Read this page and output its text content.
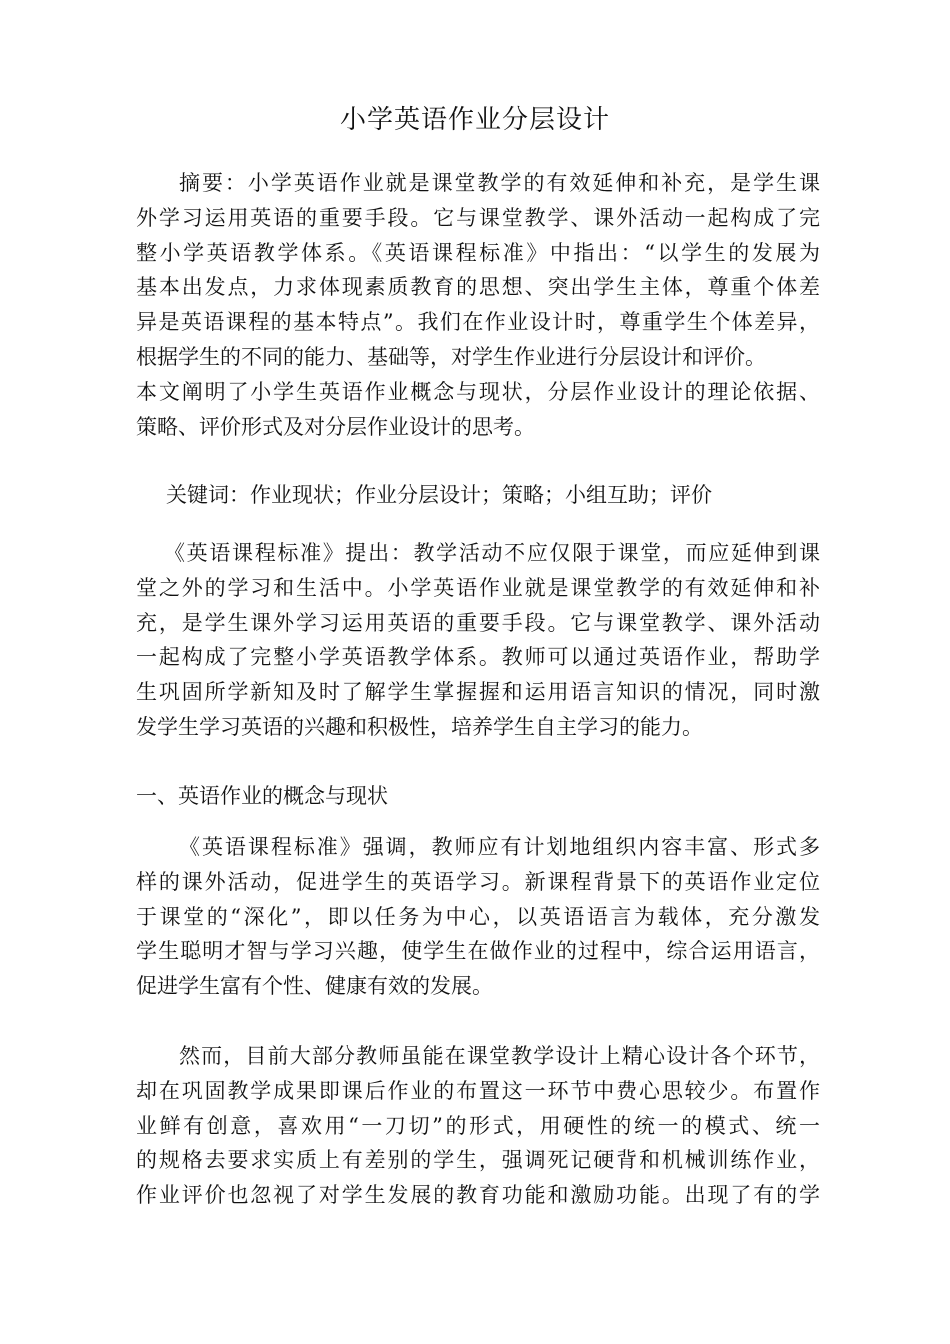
小学英语作业分层设计
摘要：小学英语作业就是课堂教学的有效延伸和补充，是学生课
外学习运用英语的重要手段。它与课堂教学、课外活动一起构成了完
整小学英语教学体系。《英语课程标准》中指出：“以学生的发展为
基本出发点，力求体现素质教育的思想、突出学生主体，尊重个体差
异是英语课程的基本特点”。我们在作业设计时，尊重学生个体差异，
根据学生的不同的能力、基础等，对学生作业进行分层设计和评价。
本文阐明了小学生英语作业概念与现状，分层作业设计的理论依据、
策略、评价形式及对分层作业设计的思考。
关键词：作业现状；作业分层设计；策略；小组互助；评价
《英语课程标准》提出：教学活动不应仅限于课堂，而应延伸到课
堂之外的学习和生活中。小学英语作业就是课堂教学的有效延伸和补
充，是学生课外学习运用英语的重要手段。它与课堂教学、课外活动
一起构成了完整小学英语教学体系。教师可以通过英语作业，帮助学
生巩固所学新知及时了解学生掌握握和运用语言知识的情况，同时激
发学生学习英语的兴趣和积极性，培养学生自主学习的能力。
一、英语作业的概念与现状
《英语课程标准》强调，教师应有计划地组织内容丰富、形式多
样的课外活动，促进学生的英语学习。新课程背景下的英语作业定位
于课堂的“深化”，即以任务为中心，以英语语言为载体，充分激发
学生聪明才智与学习兴趣，使学生在做作业的过程中，综合运用语言，
促进学生富有个性、健康有效的发展。
然而，目前大部分教师虽能在课堂教学设计上精心设计各个环节，
却在巩固教学成果即课后作业的布置这一环节中费心思较少。布置作
业鲜有创意，喜欢用“一刀切”的形式，用硬性的统一的模式、统一
的规格去要求实质上有差别的学生，强调死记硬背和机械训练作业，
作业评价也忽视了对学生发展的教育功能和激励功能。出现了有的学
